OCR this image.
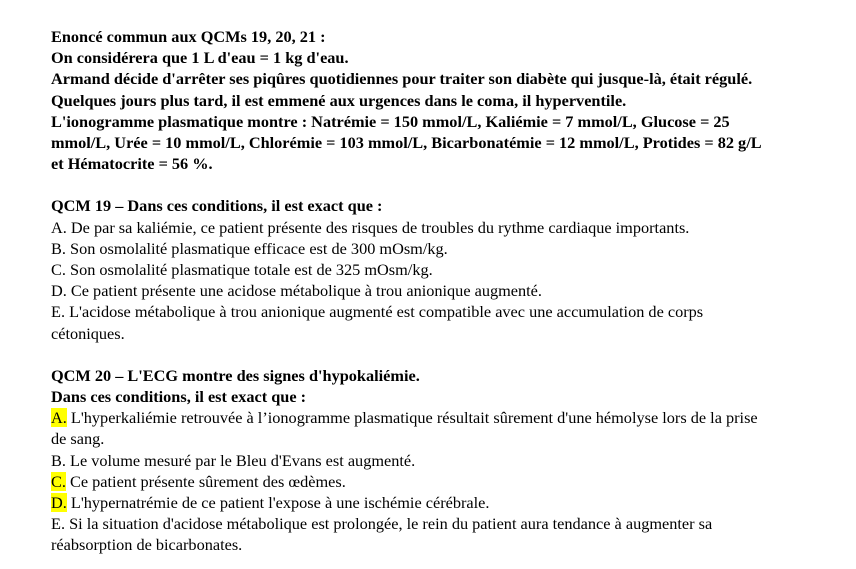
Enoncé commun aux QCMs 19, 20, 21 :
On considérera que 1 L d'eau = 1 kg d'eau.
Armand décide d'arrêter ses piqûres quotidiennes pour traiter son diabète qui jusque-là, était régulé.
Quelques jours plus tard, il est emmené aux urgences dans le coma, il hyperventile.
L'ionogramme plasmatique montre : Natrémie = 150 mmol/L, Kaliémie = 7 mmol/L, Glucose = 25
mmol/L, Urée = 10 mmol/L, Chlorémie = 103 mmol/L, Bicarbonatémie = 12 mmol/L, Protides = 82 g/L
et Hématocrite = 56 %.
QCM 19 – Dans ces conditions, il est exact que :
A. De par sa kaliémie, ce patient présente des risques de troubles du rythme cardiaque importants.
B. Son osmolalité plasmatique efficace est de 300 mOsm/kg.
C. Son osmolalité plasmatique totale est de 325 mOsm/kg.
D. Ce patient présente une acidose métabolique à trou anionique augmenté.
E. L'acidose métabolique à trou anionique augmenté est compatible avec une accumulation de corps
cétoniques.
QCM 20 – L'ECG montre des signes d'hypokaliémie.
Dans ces conditions, il est exact que :
A. L'hyperkaliémie retrouvée à l’ionogramme plasmatique résultait sûrement d'une hémolyse lors de la prise
de sang.
B. Le volume mesuré par le Bleu d'Evans est augmenté.
C. Ce patient présente sûrement des œdèmes.
D. L'hypernatrémie de ce patient l'expose à une ischémie cérébrale.
E. Si la situation d'acidose métabolique est prolongée, le rein du patient aura tendance à augmenter sa
réabsorption de bicarbonates.
